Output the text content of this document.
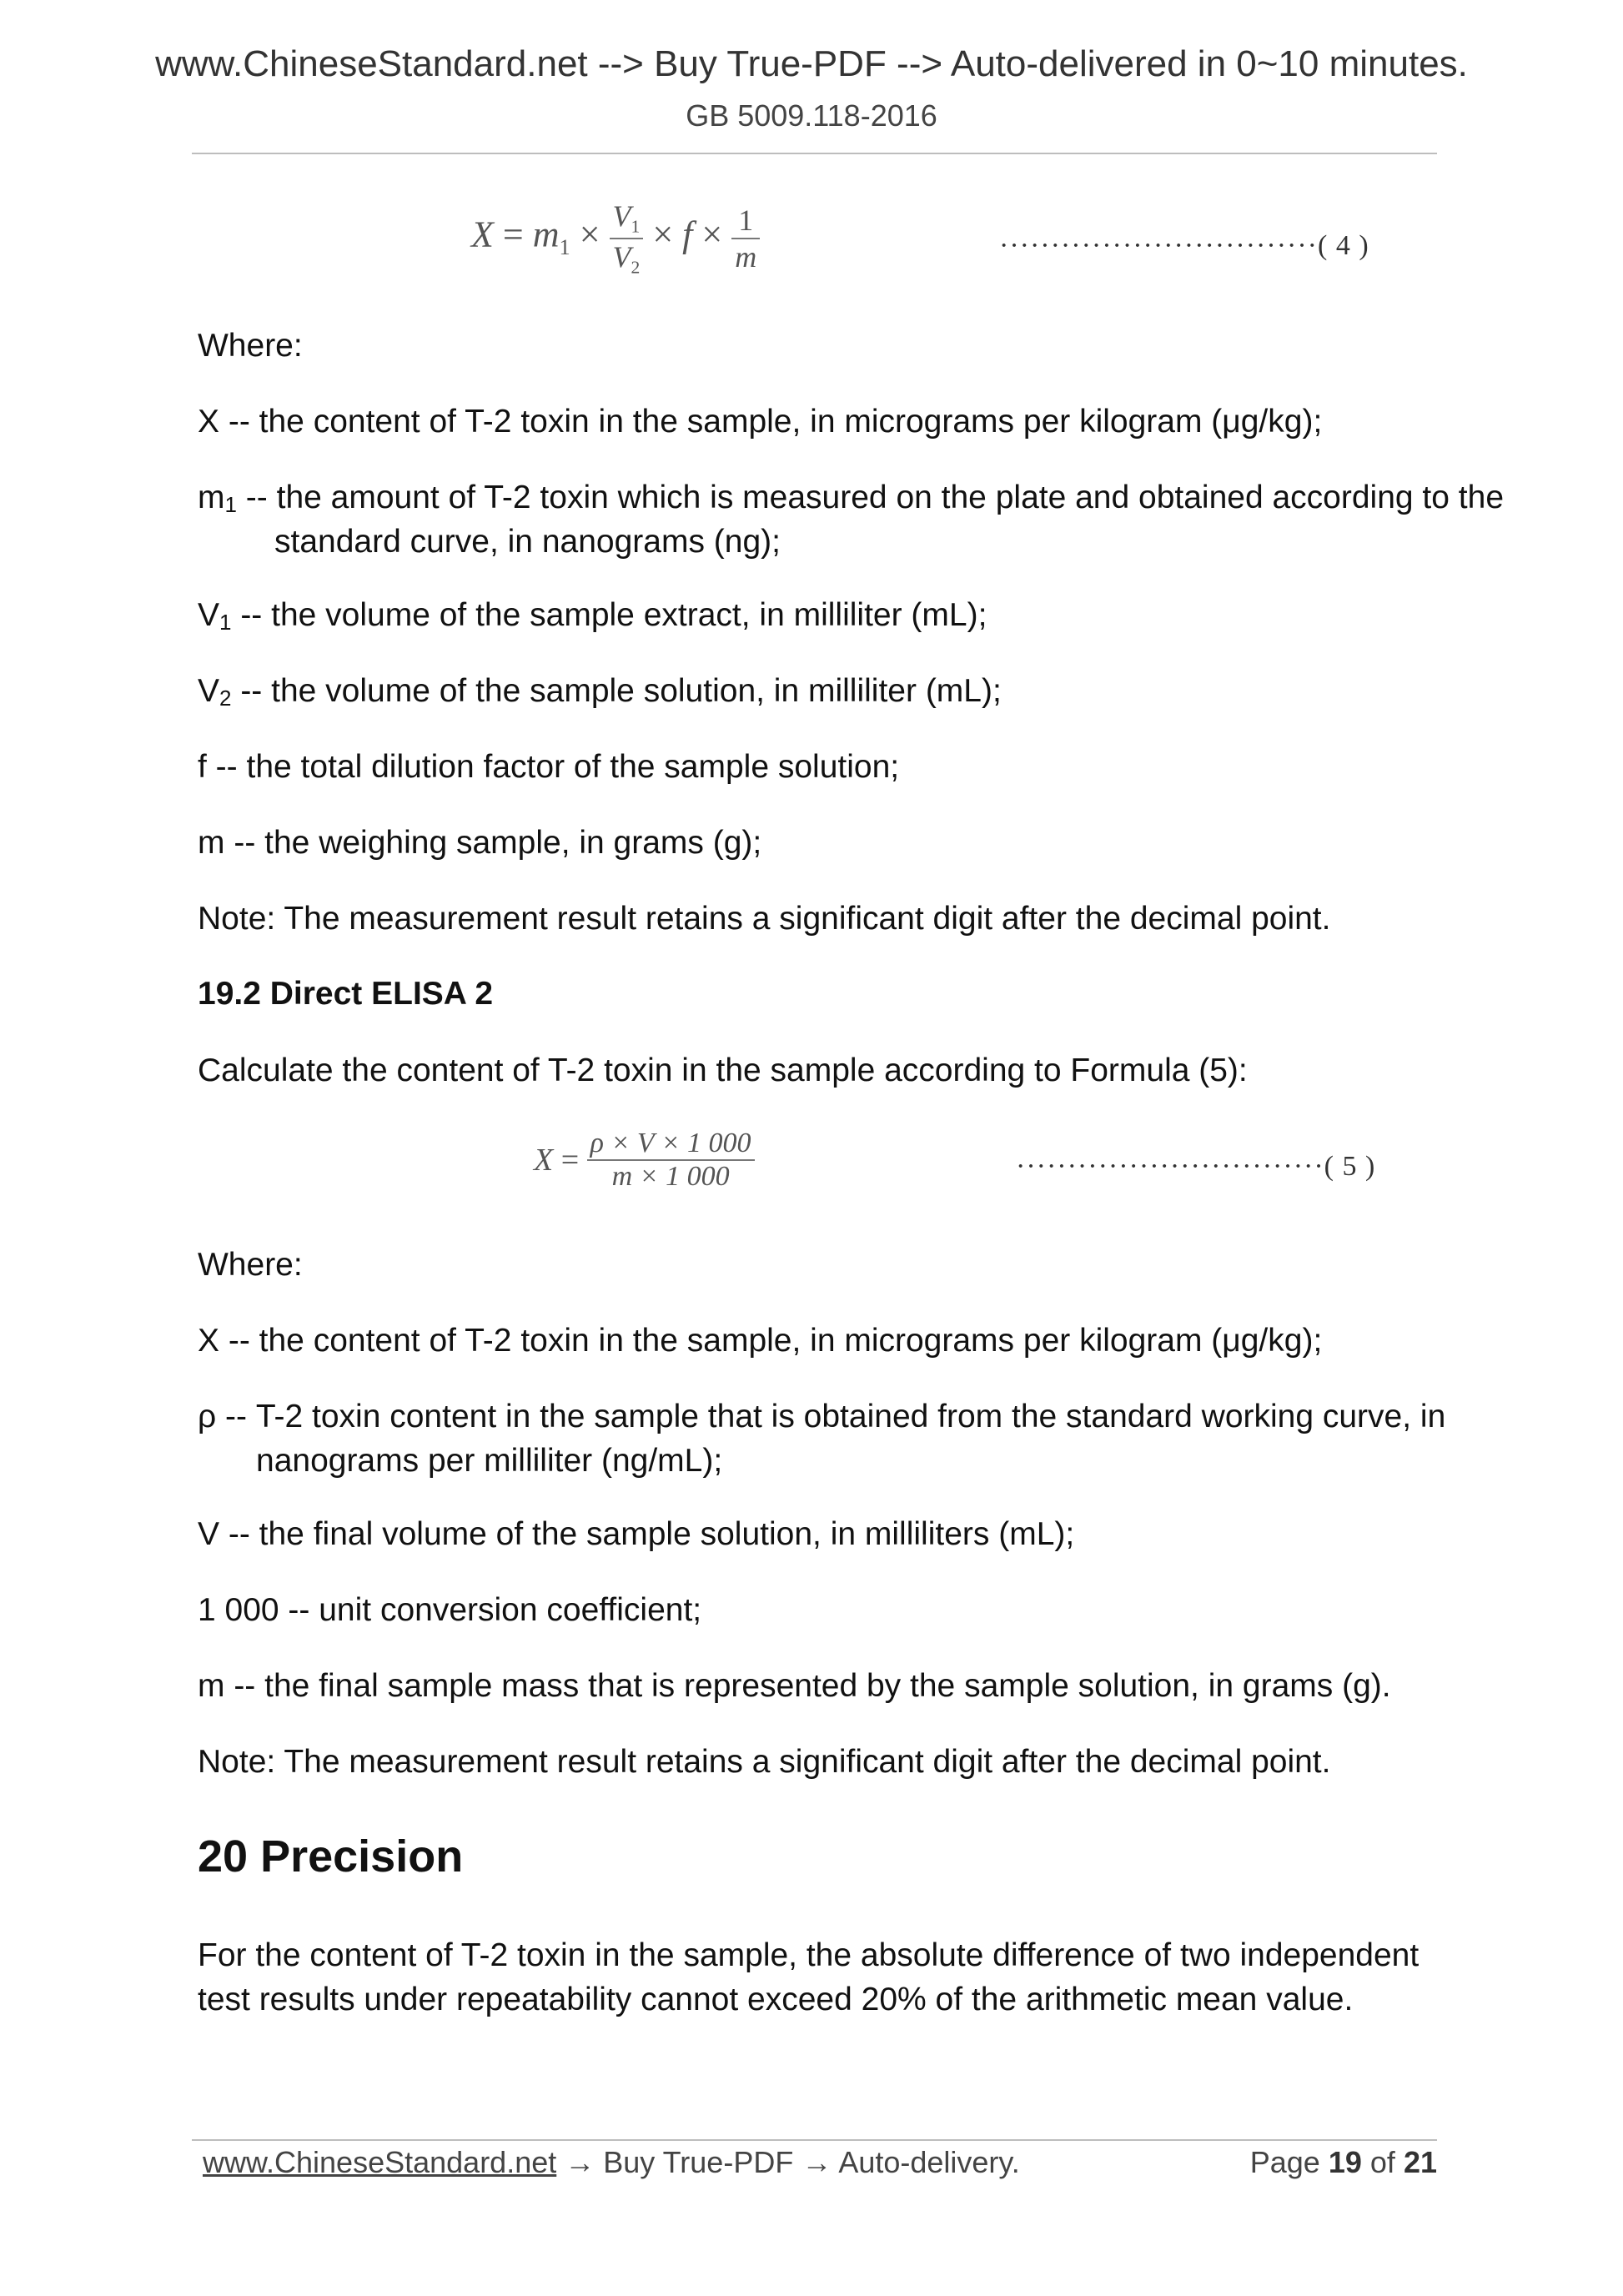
www.ChineseStandard.net --> Buy True-PDF --> Auto-delivered in 0~10 minutes.
GB 5009.118-2016
$X = m_1 \times \frac{V_1}{V_2} \times f \times \frac{1}{m}$	·······························( 4 )

Where:

X -- the content of T-2 toxin in the sample, in micrograms per kilogram (μg/kg);

$m_1$ -- the amount of T-2 toxin which is measured on the plate and obtained according to the standard curve, in nanograms (ng);

$V_1$ -- the volume of the sample extract, in milliliter (mL);

$V_2$ -- the volume of the sample solution, in milliliter (mL);

f -- the total dilution factor of the sample solution;

m -- the weighing sample, in grams (g);

Note: The measurement result retains a significant digit after the decimal point.

19.2 Direct ELISA 2

Calculate the content of T-2 toxin in the sample according to Formula (5):

$X = \frac{\rho \times V \times 1 000}{m \times 1 000}$	······························( 5 )

Where:

X -- the content of T-2 toxin in the sample, in micrograms per kilogram (μg/kg);

ρ -- T-2 toxin content in the sample that is obtained from the standard working curve, in nanograms per milliliter (ng/mL);

V -- the final volume of the sample solution, in milliliters (mL);

1 000 -- unit conversion coefficient;

m -- the final sample mass that is represented by the sample solution, in grams (g).

Note: The measurement result retains a significant digit after the decimal point.

20 Precision

For the content of T-2 toxin in the sample, the absolute difference of two independent test results under repeatability cannot exceed 20% of the arithmetic mean value.

www.ChineseStandard.net → Buy True-PDF → Auto-delivery.	Page 19 of 21
